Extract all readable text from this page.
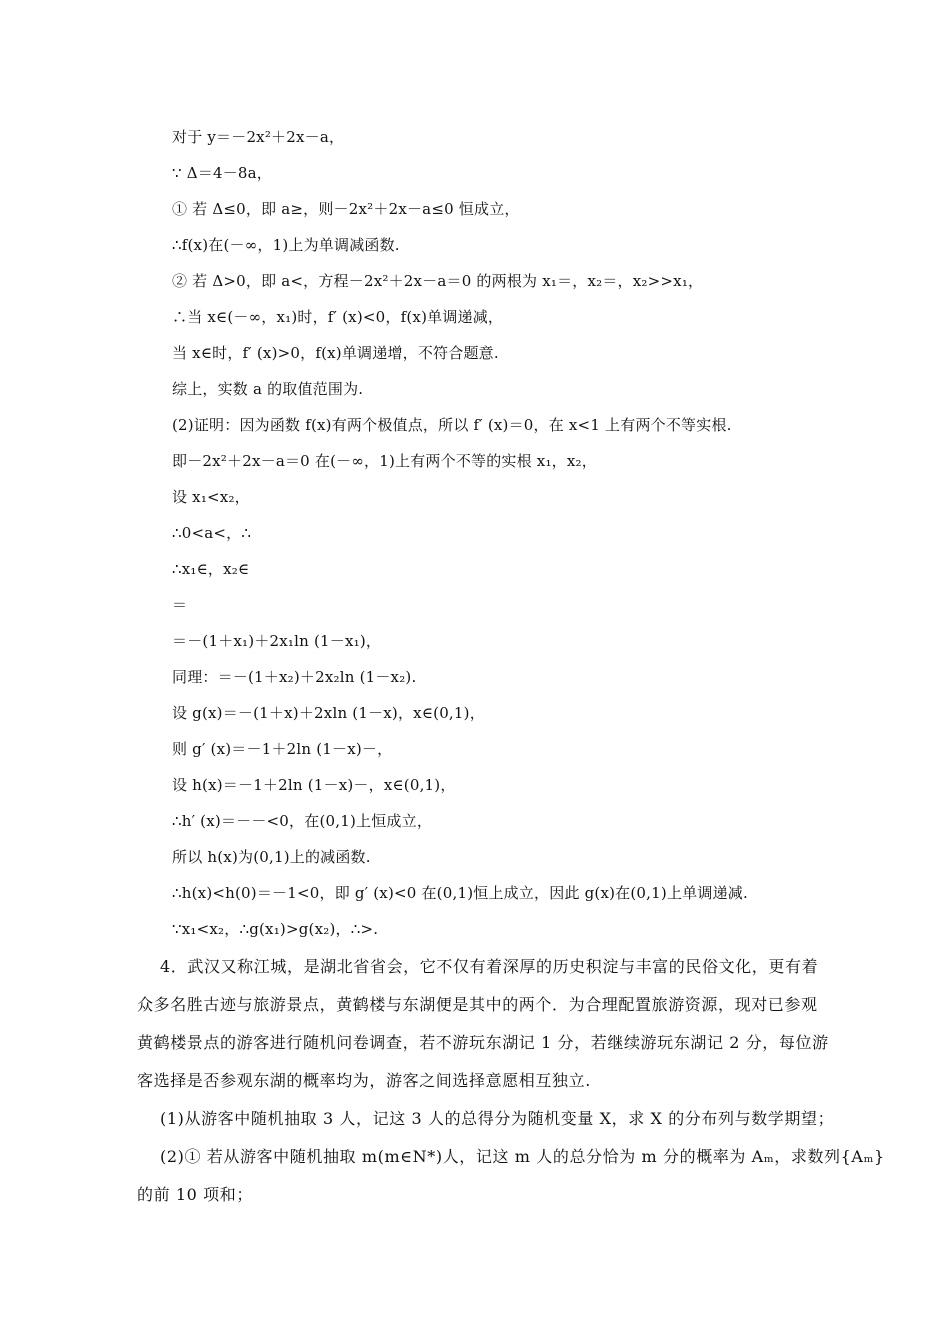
对于 y＝－2x²＋2x－a，
∵ Δ＝4－8a，
① 若 Δ≤0，即 a≥，则－2x²＋2x－a≤0 恒成立，
∴f(x)在(－∞，1)上为单调减函数.
② 若 Δ>0，即 a<，方程－2x²＋2x－a＝0 的两根为 x₁＝，x₂＝，x₂>>x₁，
∴当 x∈(－∞，x₁)时，f′ (x)<0，f(x)单调递减，
当 x∈时，f′ (x)>0，f(x)单调递增，不符合题意.
综上，实数 a 的取值范围为.
(2)证明：因为函数 f(x)有两个极值点，所以 f′ (x)＝0，在 x<1 上有两个不等实根.
即－2x²＋2x－a＝0 在(－∞，1)上有两个不等的实根 x₁，x₂，
设 x₁<x₂，
∴0<a<，∴
∴x₁∈，x₂∈
＝
＝－(1＋x₁)＋2x₁ln (1－x₁)，
同理：＝－(1＋x₂)＋2x₂ln (1－x₂).
设 g(x)＝－(1＋x)＋2xln (1－x)，x∈(0,1)，
则 g′ (x)＝－1＋2ln (1－x)－，
设 h(x)＝－1＋2ln (1－x)－，x∈(0,1)，
∴h′ (x)＝－－<0，在(0,1)上恒成立，
所以 h(x)为(0,1)上的减函数.
∴h(x)<h(0)＝－1<0，即 g′ (x)<0 在(0,1)恒上成立，因此 g(x)在(0,1)上单调递减.
∵x₁<x₂，∴g(x₁)>g(x₂)，∴>.
4．武汉又称江城，是湖北省省会，它不仅有着深厚的历史积淀与丰富的民俗文化，更有着
众多名胜古迹与旅游景点，黄鹤楼与东湖便是其中的两个．为合理配置旅游资源，现对已参观
黄鹤楼景点的游客进行随机问卷调查，若不游玩东湖记 1 分，若继续游玩东湖记 2 分，每位游
客选择是否参观东湖的概率均为，游客之间选择意愿相互独立.
(1)从游客中随机抽取 3 人，记这 3 人的总得分为随机变量 X，求 X 的分布列与数学期望；
(2)① 若从游客中随机抽取 m(m∈N*)人，记这 m 人的总分恰为 m 分的概率为 Aₘ，求数列{Aₘ}
的前 10 项和；
